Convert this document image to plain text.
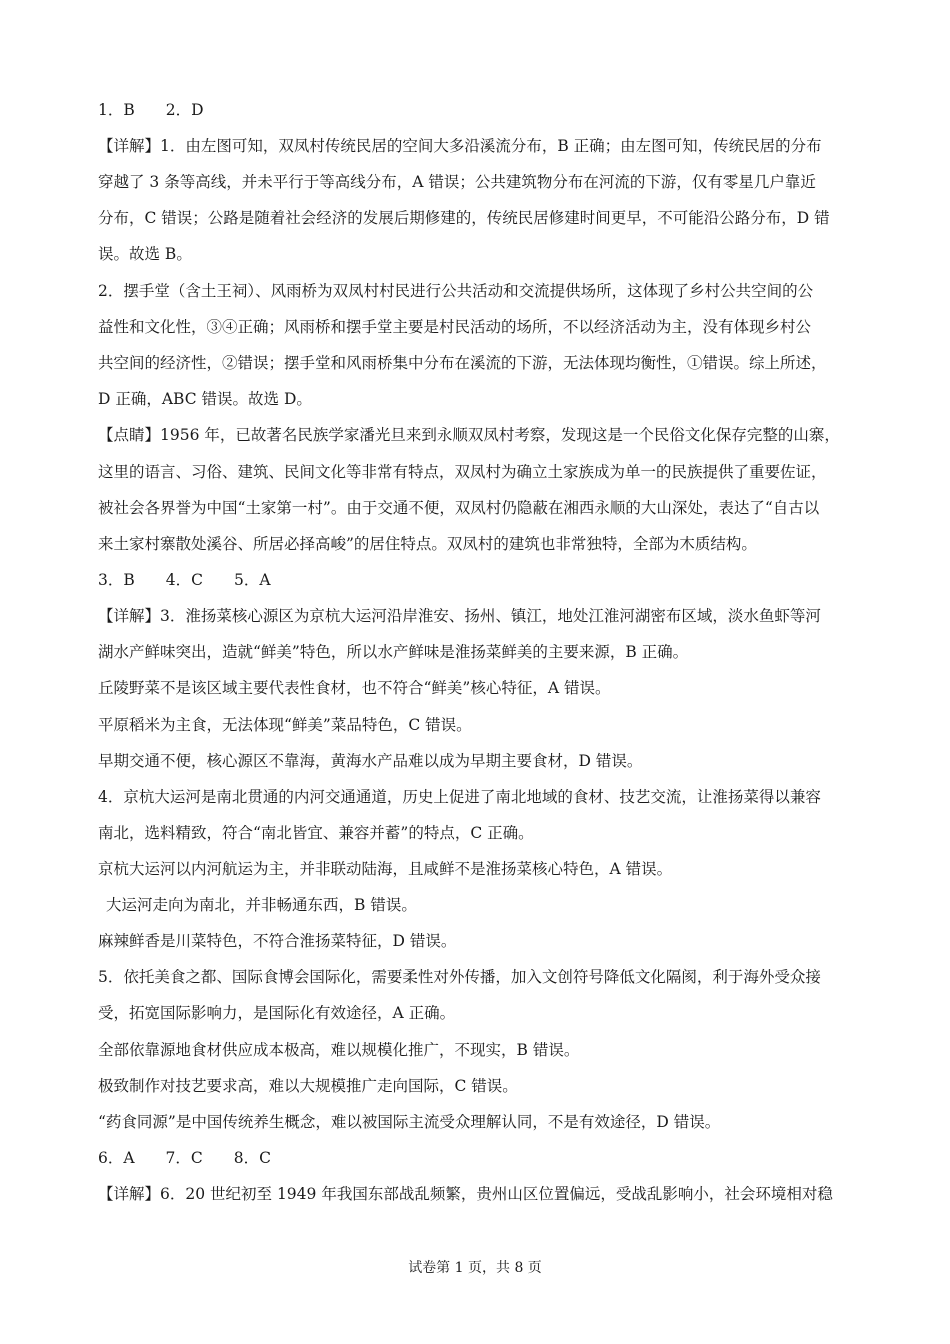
1．B　　2．D
【详解】1．由左图可知，双凤村传统民居的空间大多沿溪流分布，B 正确；由左图可知，传统民居的分布
穿越了 3 条等高线，并未平行于等高线分布，A 错误；公共建筑物分布在河流的下游，仅有零星几户靠近
分布，C 错误；公路是随着社会经济的发展后期修建的，传统民居修建时间更早，不可能沿公路分布，D 错
误。故选 B。
2．摆手堂（含土王祠）、风雨桥为双凤村村民进行公共活动和交流提供场所，这体现了乡村公共空间的公
益性和文化性，③④正确；风雨桥和摆手堂主要是村民活动的场所，不以经济活动为主，没有体现乡村公
共空间的经济性，②错误；摆手堂和风雨桥集中分布在溪流的下游，无法体现均衡性，①错误。综上所述，
D 正确，ABC 错误。故选 D。
【点睛】1956 年，已故著名民族学家潘光旦来到永顺双凤村考察，发现这是一个民俗文化保存完整的山寨，
这里的语言、习俗、建筑、民间文化等非常有特点，双凤村为确立土家族成为单一的民族提供了重要佐证，
被社会各界誉为中国“土家第一村”。由于交通不便，双凤村仍隐蔽在湘西永顺的大山深处，表达了“自古以
来土家村寨散处溪谷、所居必择高峻”的居住特点。双凤村的建筑也非常独特，全部为木质结构。
3．B　　4．C　　5．A
【详解】3．淮扬菜核心源区为京杭大运河沿岸淮安、扬州、镇江，地处江淮河湖密布区域，淡水鱼虾等河
湖水产鲜味突出，造就“鲜美”特色，所以水产鲜味是淮扬菜鲜美的主要来源，B 正确。
丘陵野菜不是该区域主要代表性食材，也不符合“鲜美”核心特征，A 错误。
平原稻米为主食，无法体现“鲜美”菜品特色，C 错误。
早期交通不便，核心源区不靠海，黄海水产品难以成为早期主要食材，D 错误。
4．京杭大运河是南北贯通的内河交通通道，历史上促进了南北地域的食材、技艺交流，让淮扬菜得以兼容
南北，选料精致，符合“南北皆宜、兼容并蓄”的特点，C 正确。
京杭大运河以内河航运为主，并非联动陆海，且咸鲜不是淮扬菜核心特色，A 错误。
大运河走向为南北，并非畅通东西，B 错误。
麻辣鲜香是川菜特色，不符合淮扬菜特征，D 错误。
5．依托美食之都、国际食博会国际化，需要柔性对外传播，加入文创符号降低文化隔阂，利于海外受众接
受，拓宽国际影响力，是国际化有效途径，A 正确。
全部依靠源地食材供应成本极高，难以规模化推广，不现实，B 错误。
极致制作对技艺要求高，难以大规模推广走向国际，C 错误。
“药食同源”是中国传统养生概念，难以被国际主流受众理解认同，不是有效途径，D 错误。
6．A　　7．C　　8．C
【详解】6．20 世纪初至 1949 年我国东部战乱频繁，贵州山区位置偏远，受战乱影响小，社会环境相对稳
试卷第 1 页，共 8 页
